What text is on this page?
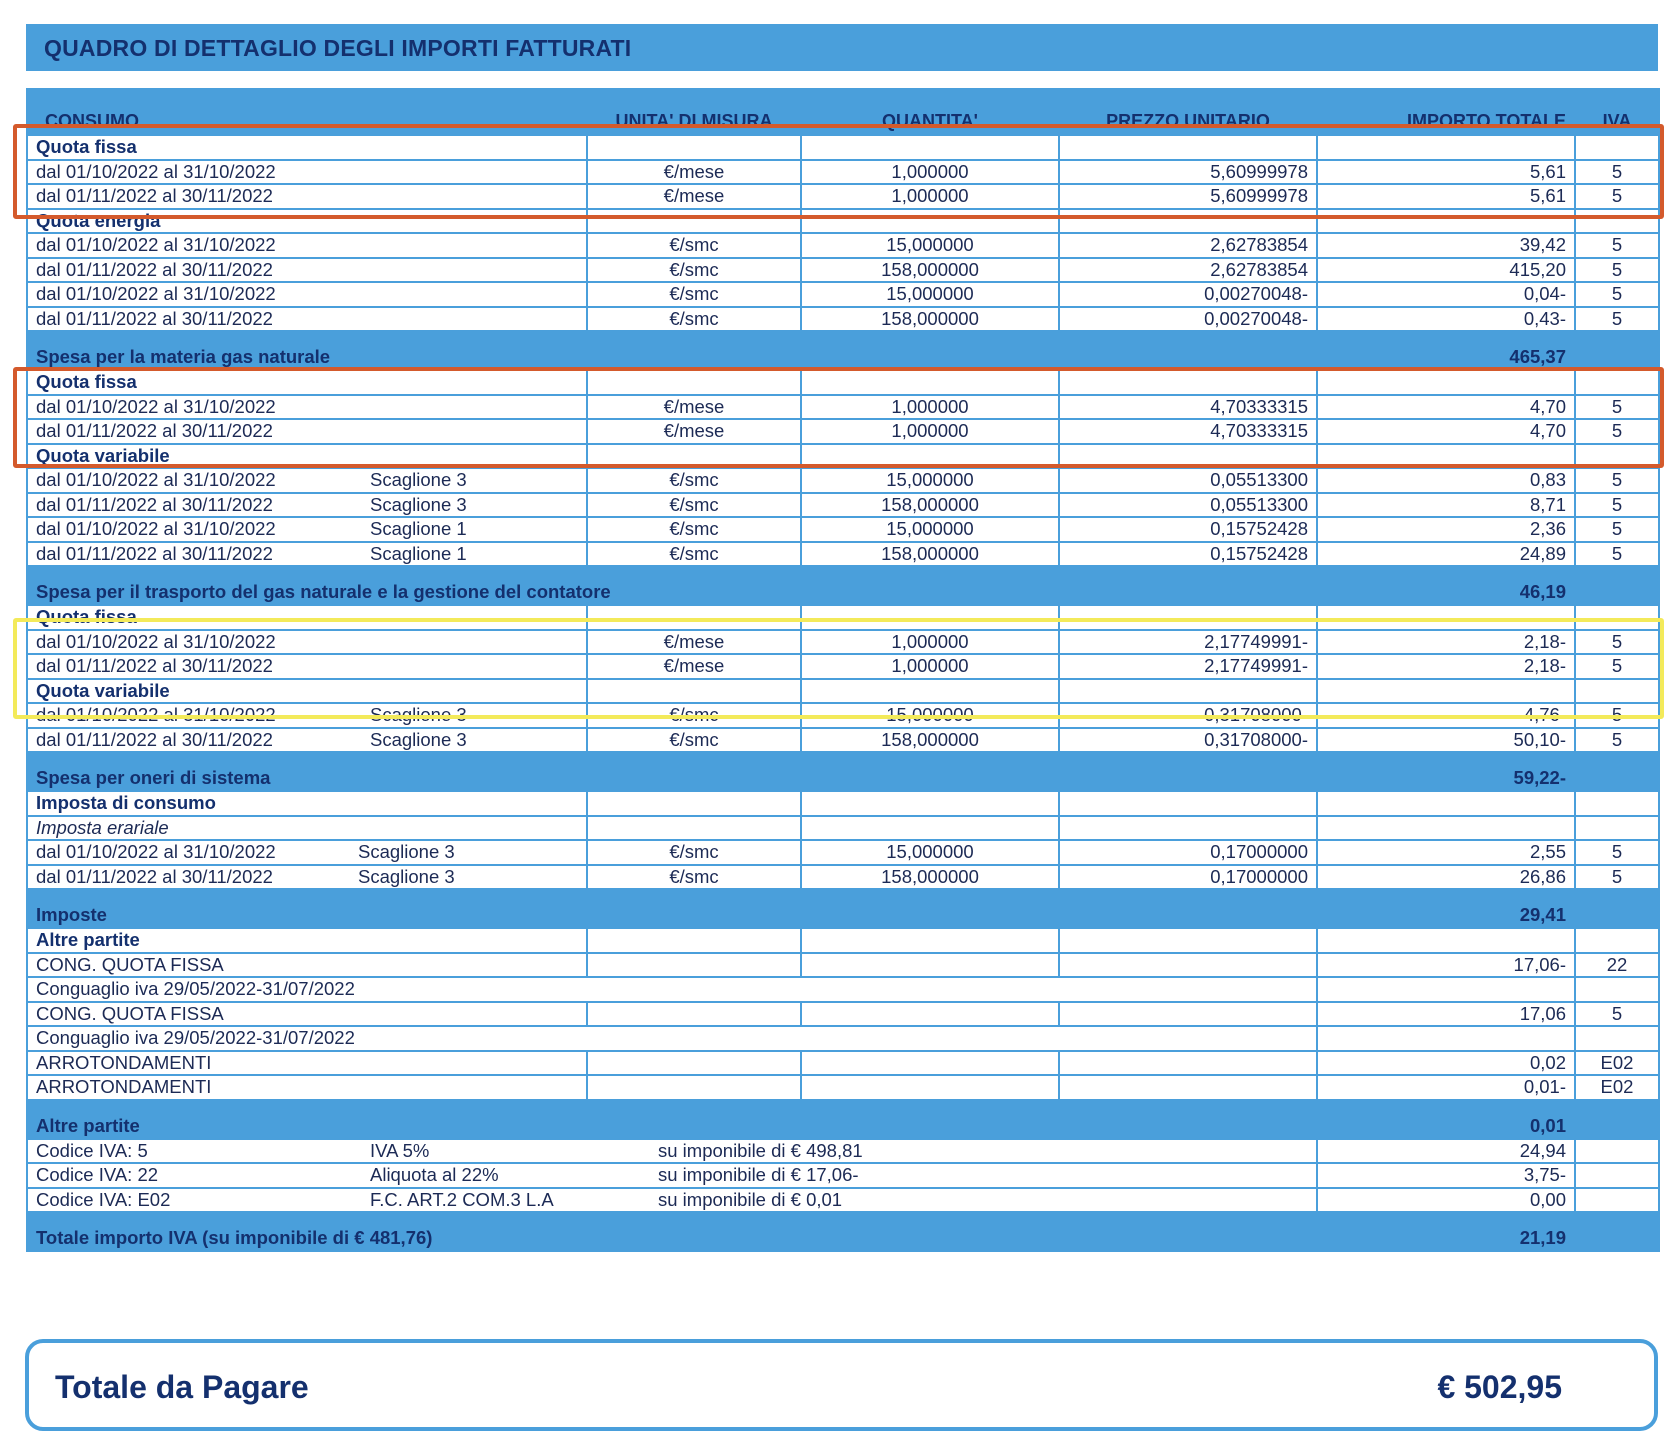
QUADRO DI DETTAGLIO DEGLI IMPORTI FATTURATI
CONSUMO	UNITA' DI MISURA	QUANTITA'	PREZZO UNITARIO	IMPORTO TOTALE	IVA
Quota fissa					
dal 01/10/2022 al 31/10/2022	€/mese	1,000000	5,60999978	5,61	5
dal 01/11/2022 al 30/11/2022	€/mese	1,000000	5,60999978	5,61	5
Quota energia					
dal 01/10/2022 al 31/10/2022	€/smc	15,000000	2,62783854	39,42	5
dal 01/11/2022 al 30/11/2022	€/smc	158,000000	2,62783854	415,20	5
dal 01/10/2022 al 31/10/2022	€/smc	15,000000	0,00270048-	0,04-	5
dal 01/11/2022 al 30/11/2022	€/smc	158,000000	0,00270048-	0,43-	5
Spesa per la materia gas naturale				465,37	
Quota fissa					
dal 01/10/2022 al 31/10/2022	€/mese	1,000000	4,70333315	4,70	5
dal 01/11/2022 al 30/11/2022	€/mese	1,000000	4,70333315	4,70	5
Quota variabile					
dal 01/10/2022 al 31/10/2022 Scaglione 3	€/smc	15,000000	0,05513300	0,83	5
dal 01/11/2022 al 30/11/2022 Scaglione 3	€/smc	158,000000	0,05513300	8,71	5
dal 01/10/2022 al 31/10/2022 Scaglione 1	€/smc	15,000000	0,15752428	2,36	5
dal 01/11/2022 al 30/11/2022 Scaglione 1	€/smc	158,000000	0,15752428	24,89	5
Spesa per il trasporto del gas naturale e la gestione del contatore				46,19	
Quota fissa					
dal 01/10/2022 al 31/10/2022	€/mese	1,000000	2,17749991-	2,18-	5
dal 01/11/2022 al 30/11/2022	€/mese	1,000000	2,17749991-	2,18-	5
Quota variabile					
dal 01/10/2022 al 31/10/2022 Scaglione 3	€/smc	15,000000	0,31708000-	4,76-	5
dal 01/11/2022 al 30/11/2022 Scaglione 3	€/smc	158,000000	0,31708000-	50,10-	5
Spesa per oneri di sistema				59,22-	
Imposta di consumo					
Imposta erariale					
dal 01/10/2022 al 31/10/2022 Scaglione 3	€/smc	15,000000	0,17000000	2,55	5
dal 01/11/2022 al 30/11/2022 Scaglione 3	€/smc	158,000000	0,17000000	26,86	5
Imposte				29,41	
Altre partite					
CONG. QUOTA FISSA				17,06-	22
Conguaglio iva 29/05/2022-31/07/2022					
CONG. QUOTA FISSA				17,06	5
Conguaglio iva 29/05/2022-31/07/2022					
ARROTONDAMENTI				0,02	E02
ARROTONDAMENTI				0,01-	E02
Altre partite				0,01	
Codice IVA: 5 IVA 5% su imponibile di € 498,81				24,94	
Codice IVA: 22 Aliquota al 22% su imponibile di € 17,06-				3,75-	
Codice IVA: E02 F.C. ART.2 COM.3 L.A su imponibile di € 0,01				0,00	
Totale importo IVA (su imponibile di € 481,76)				21,19	
Totale da Pagare	€ 502,95
